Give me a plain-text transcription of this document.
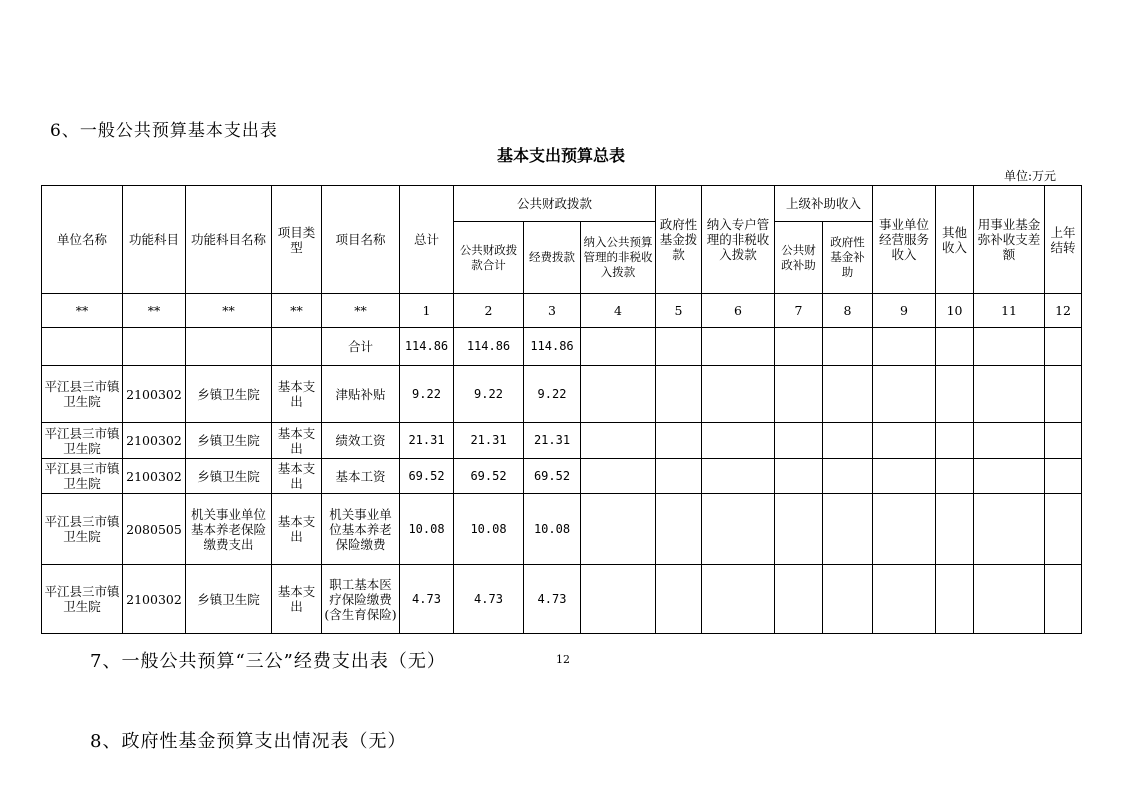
6、一般公共预算基本支出表
基本支出预算总表
单位:万元
单位名称	功能科目	功能科目名称	项目类型	项目名称	总计	公共财政拨款			政府性基金拨款	纳入专户管理的非税收入拨款	上级补助收入		事业单位经营服务收入	其他收入	用事业基金弥补收支差额	上年结转
						公共财政拨款合计	经费拨款	纳入公共预算管理的非税收入拨款			公共财政补助	政府性基金补助				
**	**	**	**	**	1	2	3	4	5	6	7	8	9	10	11	12
				合计	114.86	114.86	114.86									
平江县三市镇卫生院	2100302	乡镇卫生院	基本支出	津贴补贴	9.22	9.22	9.22									
平江县三市镇卫生院	2100302	乡镇卫生院	基本支出	绩效工资	21.31	21.31	21.31									
平江县三市镇卫生院	2100302	乡镇卫生院	基本支出	基本工资	69.52	69.52	69.52									
平江县三市镇卫生院	2080505	机关事业单位基本养老保险缴费支出	基本支出	机关事业单位基本养老保险缴费	10.08	10.08	10.08									
平江县三市镇卫生院	2100302	乡镇卫生院	基本支出	职工基本医疗保险缴费(含生育保险)	4.73	4.73	4.73									
7、一般公共预算“三公”经费支出表（无）	12
8、政府性基金预算支出情况表（无）
